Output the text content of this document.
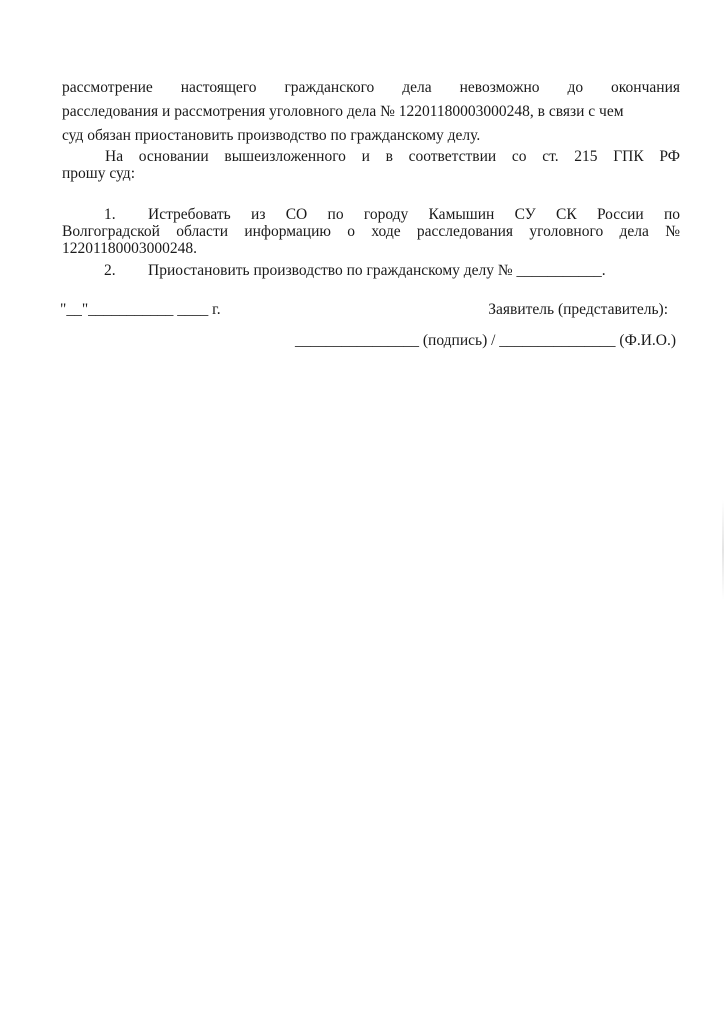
рассмотрение настоящего гражданского дела невозможно до окончания
расследования и рассмотрения уголовного дела № 12201180003000248, в связи с чем
суд обязан приостановить производство по гражданскому делу.
На основании вышеизложенного и в соответствии со ст. 215 ГПК РФ
прошу суд:
1. Истребовать из СО по городу Камышин СУ СК России по
Волгоградской области информацию о ходе расследования уголовного дела №
12201180003000248.
2. Приостановить производство по гражданскому делу № ___________.
"__"___________ ____ г.	Заявитель (представитель):
________________ (подпись) / _______________ (Ф.И.О.)
